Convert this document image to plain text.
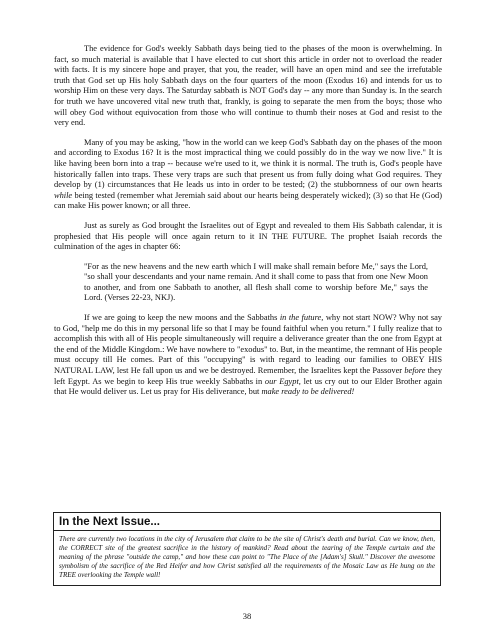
The evidence for God's weekly Sabbath days being tied to the phases of the moon is overwhelming. In fact, so much material is available that I have elected to cut short this article in order not to overload the reader with facts. It is my sincere hope and prayer, that you, the reader, will have an open mind and see the irrefutable truth that God set up His holy Sabbath days on the four quarters of the moon (Exodus 16) and intends for us to worship Him on these very days. The Saturday sabbath is NOT God's day -- any more than Sunday is. In the search for truth we have uncovered vital new truth that, frankly, is going to separate the men from the boys; those who will obey God without equivocation from those who will continue to thumb their noses at God and resist to the very end.

Many of you may be asking, "how in the world can we keep God's Sabbath day on the phases of the moon and according to Exodus 16? It is the most impractical thing we could possibly do in the way we now live." It is like having been born into a trap -- because we're used to it, we think it is normal. The truth is, God's people have historically fallen into traps. These very traps are such that present us from fully doing what God requires. They develop by (1) circumstances that He leads us into in order to be tested; (2) the stubbornness of our own hearts while being tested (remember what Jeremiah said about our hearts being desperately wicked); (3) so that He (God) can make His power known; or all three.

Just as surely as God brought the Israelites out of Egypt and revealed to them His Sabbath calendar, it is prophesied that His people will once again return to it IN THE FUTURE. The prophet Isaiah records the culmination of the ages in chapter 66:

"For as the new heavens and the new earth which I will make shall remain before Me," says the Lord, "so shall your descendants and your name remain. And it shall come to pass that from one New Moon to another, and from one Sabbath to another, all flesh shall come to worship before Me," says the Lord. (Verses 22-23, NKJ).

If we are going to keep the new moons and the Sabbaths in the future, why not start NOW? Why not say to God, "help me do this in my personal life so that I may be found faithful when you return." I fully realize that to accomplish this with all of His people simultaneously will require a deliverance greater than the one from Egypt at the end of the Middle Kingdom.: We have nowhere to "exodus" to. But, in the meantime, the remnant of His people must occupy till He comes. Part of this "occupying" is with regard to leading our families to OBEY HIS NATURAL LAW, lest He fall upon us and we be destroyed. Remember, the Israelites kept the Passover before they left Egypt. As we begin to keep His true weekly Sabbaths in our Egypt, let us cry out to our Elder Brother again that He would deliver us. Let us pray for His deliverance, but make ready to be delivered!

In the Next Issue...

There are currently two locations in the city of Jerusalem that claim to be the site of Christ's death and burial. Can we know, then, the CORRECT site of the greatest sacrifice in the history of mankind? Read about the tearing of the Temple curtain and the meaning of the phrase "outside the camp," and how these can point to "The Place of the [Adam's] Skull." Discover the awesome symbolism of the sacrifice of the Red Heifer and how Christ satisfied all the requirements of the Mosaic Law as He hung on the TREE overlooking the Temple wall!

38
